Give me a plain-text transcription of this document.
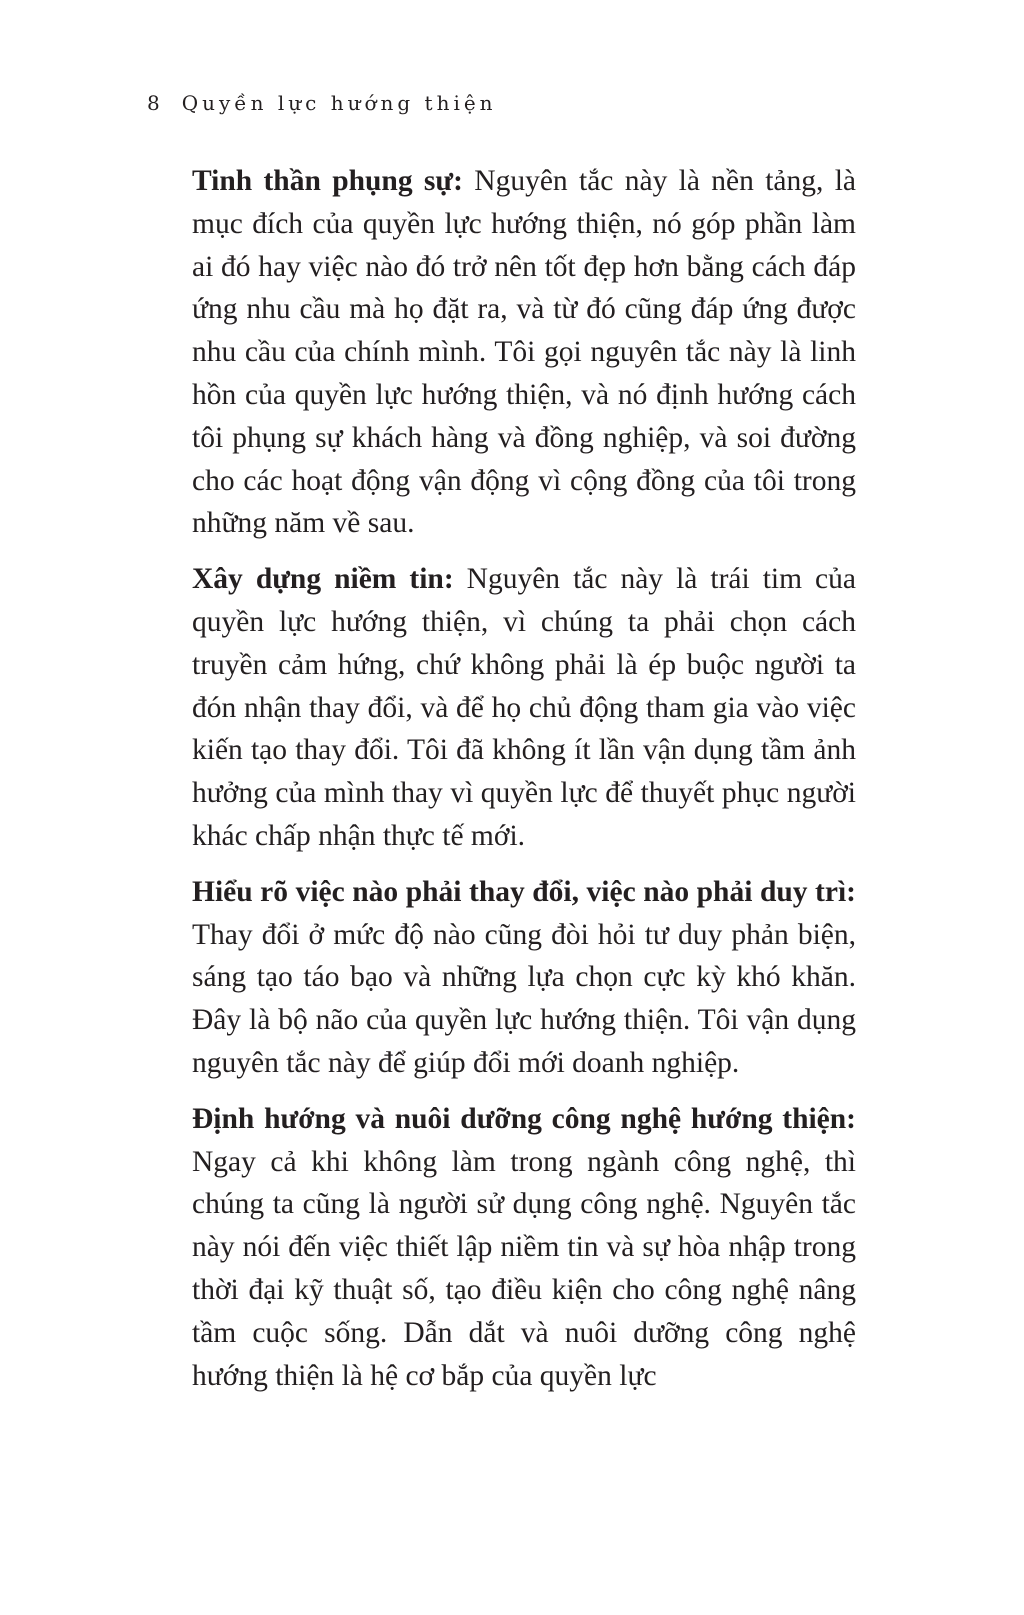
8 Quyền lực hướng thiện

Tinh thần phụng sự: Nguyên tắc này là nền tảng, là mục đích của quyền lực hướng thiện, nó góp phần làm ai đó hay việc nào đó trở nên tốt đẹp hơn bằng cách đáp ứng nhu cầu mà họ đặt ra, và từ đó cũng đáp ứng được nhu cầu của chính mình. Tôi gọi nguyên tắc này là linh hồn của quyền lực hướng thiện, và nó định hướng cách tôi phụng sự khách hàng và đồng nghiệp, và soi đường cho các hoạt động vận động vì cộng đồng của tôi trong những năm về sau.

Xây dựng niềm tin: Nguyên tắc này là trái tim của quyền lực hướng thiện, vì chúng ta phải chọn cách truyền cảm hứng, chứ không phải là ép buộc người ta đón nhận thay đổi, và để họ chủ động tham gia vào việc kiến tạo thay đổi. Tôi đã không ít lần vận dụng tầm ảnh hưởng của mình thay vì quyền lực để thuyết phục người khác chấp nhận thực tế mới.

Hiểu rõ việc nào phải thay đổi, việc nào phải duy trì: Thay đổi ở mức độ nào cũng đòi hỏi tư duy phản biện, sáng tạo táo bạo và những lựa chọn cực kỳ khó khăn. Đây là bộ não của quyền lực hướng thiện. Tôi vận dụng nguyên tắc này để giúp đổi mới doanh nghiệp.

Định hướng và nuôi dưỡng công nghệ hướng thiện: Ngay cả khi không làm trong ngành công nghệ, thì chúng ta cũng là người sử dụng công nghệ. Nguyên tắc này nói đến việc thiết lập niềm tin và sự hòa nhập trong thời đại kỹ thuật số, tạo điều kiện cho công nghệ nâng tầm cuộc sống. Dẫn dắt và nuôi dưỡng công nghệ hướng thiện là hệ cơ bắp của quyền lực
